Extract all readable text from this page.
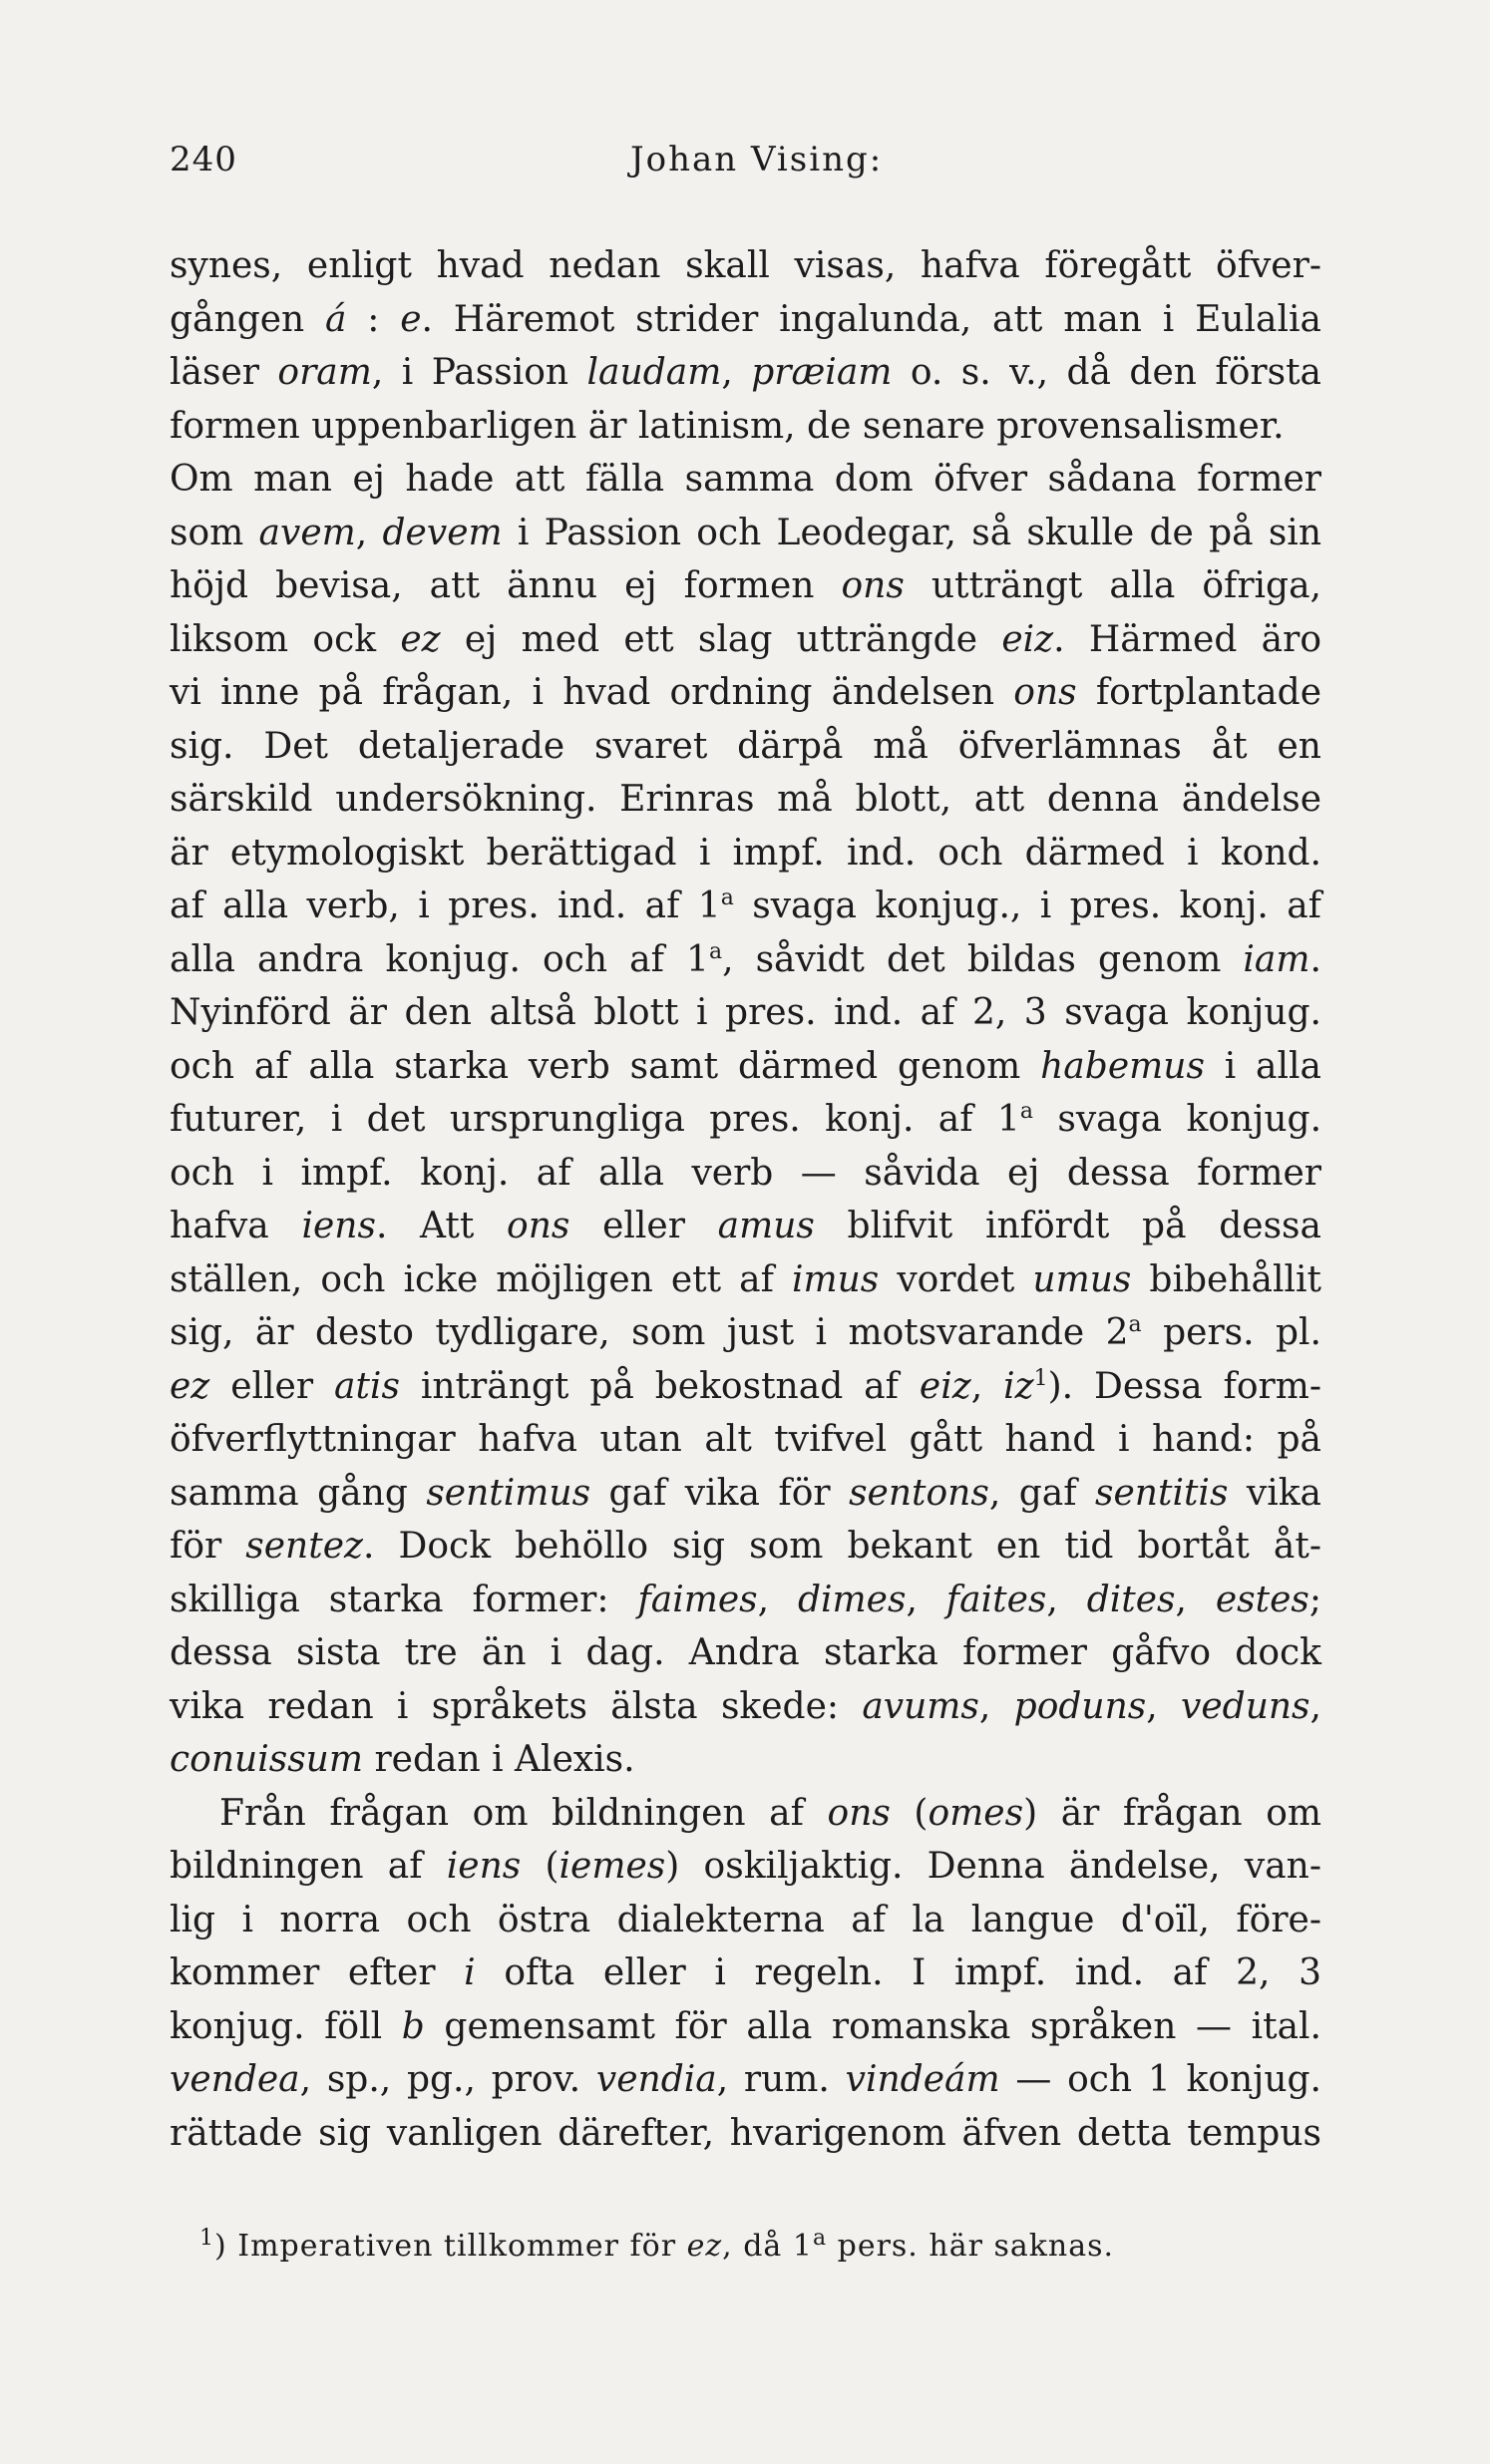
240	Johan Vising:
synes, enligt hvad nedan skall visas, hafva föregått öfver-
gången á : e. Häremot strider ingalunda, att man i Eulalia
läser oram, i Passion laudam, præiam o. s. v., då den första
formen uppenbarligen är latinism, de senare provensalismer.
Om man ej hade att fälla samma dom öfver sådana former
som avem, devem i Passion och Leodegar, så skulle de på sin
höjd bevisa, att ännu ej formen ons utträngt alla öfriga,
liksom ock ez ej med ett slag utträngde eiz. Härmed äro
vi inne på frågan, i hvad ordning ändelsen ons fortplantade
sig. Det detaljerade svaret därpå må öfverlämnas åt en
särskild undersökning. Erinras må blott, att denna ändelse
är etymologiskt berättigad i impf. ind. och därmed i kond.
af alla verb, i pres. ind. af 1$^a$ svaga konjug., i pres. konj. af
alla andra konjug. och af 1$^a$, såvidt det bildas genom iam.
Nyinförd är den altså blott i pres. ind. af 2, 3 svaga konjug.
och af alla starka verb samt därmed genom habemus i alla
futurer, i det ursprungliga pres. konj. af 1$^a$ svaga konjug.
och i impf. konj. af alla verb — såvida ej dessa former
hafva iens. Att ons eller amus blifvit infördt på dessa
ställen, och icke möjligen ett af imus vordet umus bibehållit
sig, är desto tydligare, som just i motsvarande 2$^a$ pers. pl.
ez eller atis inträngt på bekostnad af eiz, $iz^1$). Dessa form-
öfverflyttningar hafva utan alt tvifvel gått hand i hand: på
samma gång sentimus gaf vika för sentons, gaf sentitis vika
för sentez. Dock behöllo sig som bekant en tid bortåt åt-
skilliga starka former: faimes, dimes, faites, dites, estes;
dessa sista tre än i dag. Andra starka former gåfvo dock
vika redan i språkets älsta skede: avums, poduns, veduns,
conuissum redan i Alexis.
Från frågan om bildningen af ons (omes) är frågan om
bildningen af iens (iemes) oskiljaktig. Denna ändelse, van-
lig i norra och östra dialekterna af la langue d'oïl, före-
kommer efter i ofta eller i regeln. I impf. ind. af 2, 3
konjug. föll b gemensamt för alla romanska språken — ital.
vendea, sp., pg., prov. vendia, rum. vindeám — och 1 konjug.
rättade sig vanligen därefter, hvarigenom äfven detta tempus
$^1$) Imperativen tillkommer för ez, då 1$^a$ pers. här saknas.
